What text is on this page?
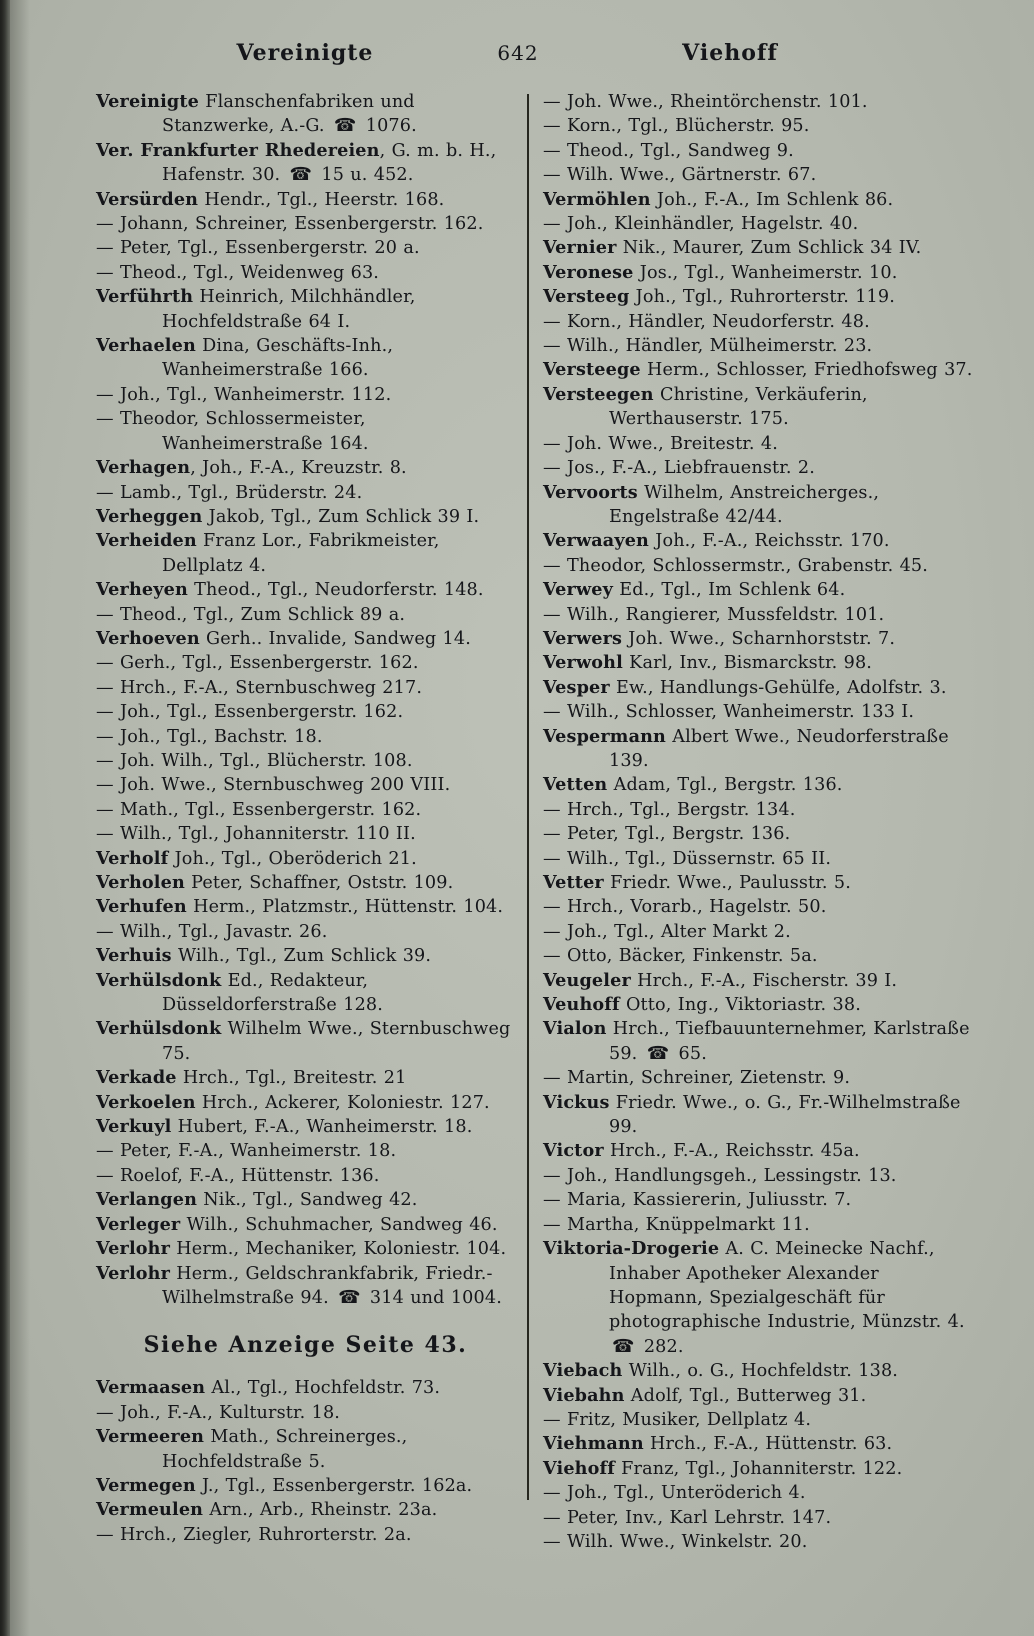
Vereinigte	642	Viehoff
Vereinigte Flanschenfabriken und Stanzwerke, A.-G. ☎ 1076.
Ver. Frankfurter Rhedereien, G. m. b. H., Hafenstr. 30. ☎ 15 u. 452.
Versürden Hendr., Tgl., Heerstr. 168.
— Johann, Schreiner, Essenbergerstr. 162.
— Peter, Tgl., Essenbergerstr. 20 a.
— Theod., Tgl., Weidenweg 63.
Verführth Heinrich, Milchhändler, Hochfeldstraße 64 I.
Verhaelen Dina, Geschäfts-Inh., Wanheimerstraße 166.
— Joh., Tgl., Wanheimerstr. 112.
— Theodor, Schlossermeister, Wanheimerstraße 164.
Verhagen, Joh., F.-A., Kreuzstr. 8.
— Lamb., Tgl., Brüderstr. 24.
Verheggen Jakob, Tgl., Zum Schlick 39 I.
Verheiden Franz Lor., Fabrikmeister, Dellplatz 4.
Verheyen Theod., Tgl., Neudorferstr. 148.
— Theod., Tgl., Zum Schlick 89 a.
Verhoeven Gerh.. Invalide, Sandweg 14.
— Gerh., Tgl., Essenbergerstr. 162.
— Hrch., F.-A., Sternbuschweg 217.
— Joh., Tgl., Essenbergerstr. 162.
— Joh., Tgl., Bachstr. 18.
— Joh. Wilh., Tgl., Blücherstr. 108.
— Joh. Wwe., Sternbuschweg 200 VIII.
— Math., Tgl., Essenbergerstr. 162.
— Wilh., Tgl., Johanniterstr. 110 II.
Verholf Joh., Tgl., Oberöderich 21.
Verholen Peter, Schaffner, Oststr. 109.
Verhufen Herm., Platzmstr., Hüttenstr. 104.
— Wilh., Tgl., Javastr. 26.
Verhuis Wilh., Tgl., Zum Schlick 39.
Verhülsdonk Ed., Redakteur, Düsseldorferstraße 128.
Verhülsdonk Wilhelm Wwe., Sternbuschweg 75.
Verkade Hrch., Tgl., Breitestr. 21
Verkoelen Hrch., Ackerer, Koloniestr. 127.
Verkuyl Hubert, F.-A., Wanheimerstr. 18.
— Peter, F.-A., Wanheimerstr. 18.
— Roelof, F.-A., Hüttenstr. 136.
Verlangen Nik., Tgl., Sandweg 42.
Verleger Wilh., Schuhmacher, Sandweg 46.
Verlohr Herm., Mechaniker, Koloniestr. 104.
Verlohr Herm., Geldschrankfabrik, Friedr.-Wilhelmstraße 94. ☎ 314 und 1004.
Siehe Anzeige Seite 43.
Vermaasen Al., Tgl., Hochfeldstr. 73.
— Joh., F.-A., Kulturstr. 18.
Vermeeren Math., Schreinerges., Hochfeldstraße 5.
Vermegen J., Tgl., Essenbergerstr. 162a.
Vermeulen Arn., Arb., Rheinstr. 23a.
— Hrch., Ziegler, Ruhrorterstr. 2a.
— Joh. Wwe., Rheintörchenstr. 101.
— Korn., Tgl., Blücherstr. 95.
— Theod., Tgl., Sandweg 9.
— Wilh. Wwe., Gärtnerstr. 67.
Vermöhlen Joh., F.-A., Im Schlenk 86.
— Joh., Kleinhändler, Hagelstr. 40.
Vernier Nik., Maurer, Zum Schlick 34 IV.
Veronese Jos., Tgl., Wanheimerstr. 10.
Versteeg Joh., Tgl., Ruhrorterstr. 119.
— Korn., Händler, Neudorferstr. 48.
— Wilh., Händler, Mülheimerstr. 23.
Versteege Herm., Schlosser, Friedhofsweg 37.
Versteegen Christine, Verkäuferin, Werthauserstr. 175.
— Joh. Wwe., Breitestr. 4.
— Jos., F.-A., Liebfrauenstr. 2.
Vervoorts Wilhelm, Anstreicherges., Engelstraße 42/44.
Verwaayen Joh., F.-A., Reichsstr. 170.
— Theodor, Schlossermstr., Grabenstr. 45.
Verwey Ed., Tgl., Im Schlenk 64.
— Wilh., Rangierer, Mussfeldstr. 101.
Verwers Joh. Wwe., Scharnhorststr. 7.
Verwohl Karl, Inv., Bismarckstr. 98.
Vesper Ew., Handlungs-Gehülfe, Adolfstr. 3.
— Wilh., Schlosser, Wanheimerstr. 133 I.
Vespermann Albert Wwe., Neudorferstraße 139.
Vetten Adam, Tgl., Bergstr. 136.
— Hrch., Tgl., Bergstr. 134.
— Peter, Tgl., Bergstr. 136.
— Wilh., Tgl., Düssernstr. 65 II.
Vetter Friedr. Wwe., Paulusstr. 5.
— Hrch., Vorarb., Hagelstr. 50.
— Joh., Tgl., Alter Markt 2.
— Otto, Bäcker, Finkenstr. 5a.
Veugeler Hrch., F.-A., Fischerstr. 39 I.
Veuhoff Otto, Ing., Viktoriastr. 38.
Vialon Hrch., Tiefbauunternehmer, Karlstraße 59. ☎ 65.
— Martin, Schreiner, Zietenstr. 9.
Vickus Friedr. Wwe., o. G., Fr.-Wilhelmstraße 99.
Victor Hrch., F.-A., Reichsstr. 45a.
— Joh., Handlungsgeh., Lessingstr. 13.
— Maria, Kassiererin, Juliusstr. 7.
— Martha, Knüppelmarkt 11.
Viktoria-Drogerie A. C. Meinecke Nachf., Inhaber Apotheker Alexander Hopmann, Spezialgeschäft für photographische Industrie, Münzstr. 4. ☎ 282.
Viebach Wilh., o. G., Hochfeldstr. 138.
Viebahn Adolf, Tgl., Butterweg 31.
— Fritz, Musiker, Dellplatz 4.
Viehmann Hrch., F.-A., Hüttenstr. 63.
Viehoff Franz, Tgl., Johanniterstr. 122.
— Joh., Tgl., Unteröderich 4.
— Peter, Inv., Karl Lehrstr. 147.
— Wilh. Wwe., Winkelstr. 20.
